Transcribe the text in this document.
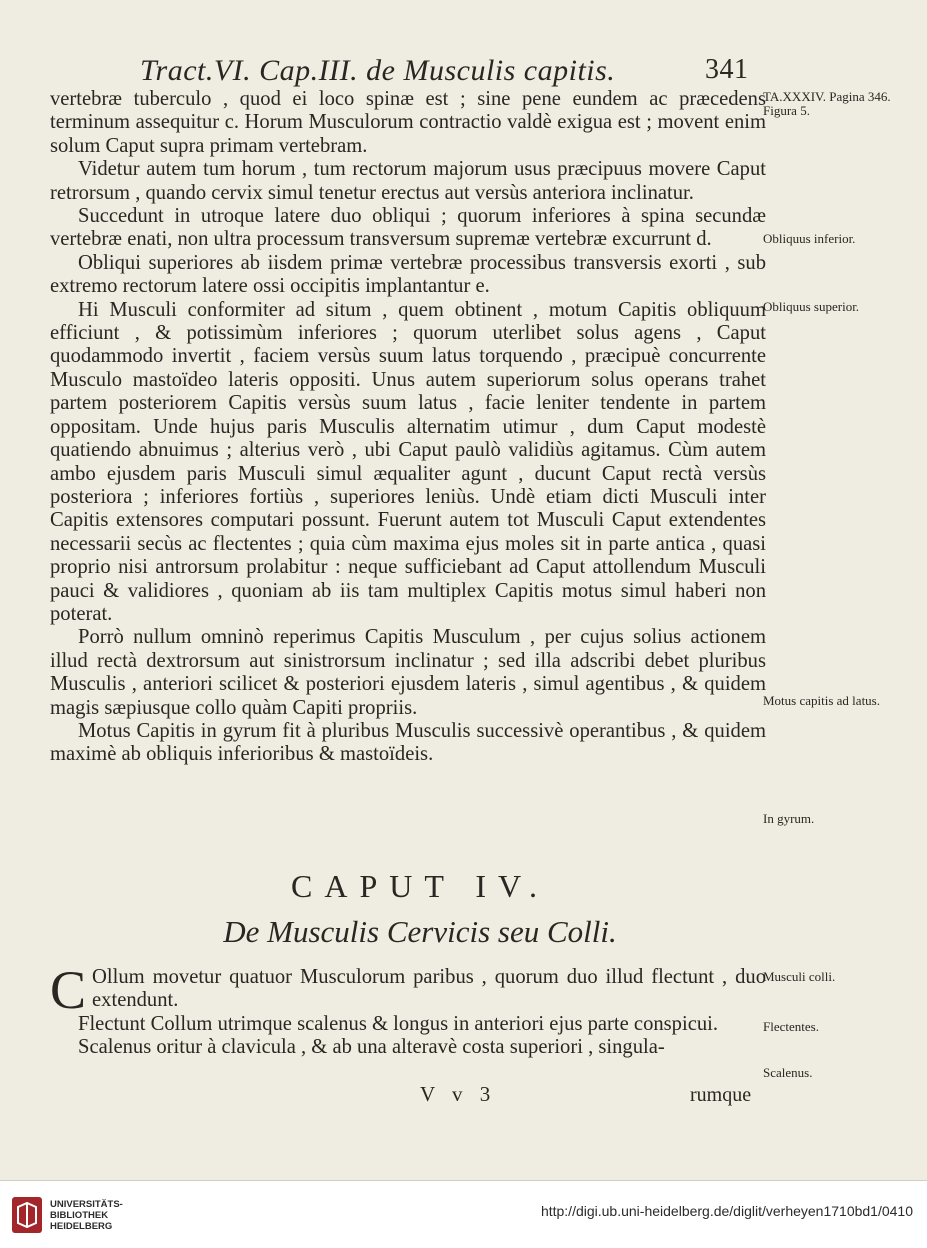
Tract.VI. Cap.III. de Musculis capitis.	341

vertebræ tuberculo , quod ei loco spinæ est ; sine pene eundem ac præcedens terminum assequitur c. Horum Musculorum contractio valdè exigua est ; movent enim solum Caput supra primam vertebram.

Videtur autem tum horum , tum rectorum majorum usus præcipuus movere Caput retrorsum , quando cervix simul tenetur erectus aut versùs anteriora inclinatur.

Succedunt in utroque latere duo obliqui ; quorum inferiores à spina secundæ vertebræ enati, non ultra processum transversum supremæ vertebræ excurrunt d.

Obliqui superiores ab iisdem primæ vertebræ processibus transversis exorti , sub extremo rectorum latere ossi occipitis implantantur e.

Hi Musculi conformiter ad situm , quem obtinent , motum Capitis obliquum efficiunt , & potissimùm inferiores ; quorum uterlibet solus agens , Caput quodammodo invertit , faciem versùs suum latus torquendo , præcipuè concurrente Musculo mastoïdeo lateris oppositi. Unus autem superiorum solus operans trahet partem posteriorem Capitis versùs suum latus , facie leniter tendente in partem oppositam. Unde hujus paris Musculis alternatim utimur , dum Caput modestè quatiendo abnuimus ; alterius verò , ubi Caput paulò validiùs agitamus. Cùm autem ambo ejusdem paris Musculi simul æqualiter agunt , ducunt Caput rectà versùs posteriora ; inferiores fortiùs , superiores leniùs. Undè etiam dicti Musculi inter Capitis extensores computari possunt. Fuerunt autem tot Musculi Caput extendentes necessarii secùs ac flectentes ; quia cùm maxima ejus moles sit in parte antica , quasi proprio nisi antrorsum prolabitur : neque sufficiebant ad Caput attollendum Musculi pauci & validiores , quoniam ab iis tam multiplex Capitis motus simul haberi non poterat.

Porrò nullum omninò reperimus Capitis Musculum , per cujus solius actionem illud rectà dextrorsum aut sinistrorsum inclinatur ; sed illa adscribi debet pluribus Musculis , anteriori scilicet & posteriori ejusdem lateris , simul agentibus , & quidem magis sæpiusque collo quàm Capiti propriis.

Motus Capitis in gyrum fit à pluribus Musculis successivè operantibus , & quidem maximè ab obliquis inferioribus & mastoïdeis.

TA.XXXIV. Pagina 346. Figura 5.
Obliquus inferior.
Obliquus superior.
Motus capitis ad latus.
In gyrum.
CAPUT IV.
De Musculis Cervicis seu Colli.

C Ollum movetur quatuor Musculorum paribus , quorum duo illud flectunt , duo extendunt.

Flectunt Collum utrimque scalenus & longus in anteriori ejus parte conspicui.

Scalenus oritur à clavicula , & ab una alteravè costa superiori , singula-

Musculi colli.
Flectentes.
Scalenus.
V v 3	rumque
UNIVERSITÄTS- BIBLIOTHEK HEIDELBERG
http://digi.ub.uni-heidelberg.de/diglit/verheyen1710bd1/0410
